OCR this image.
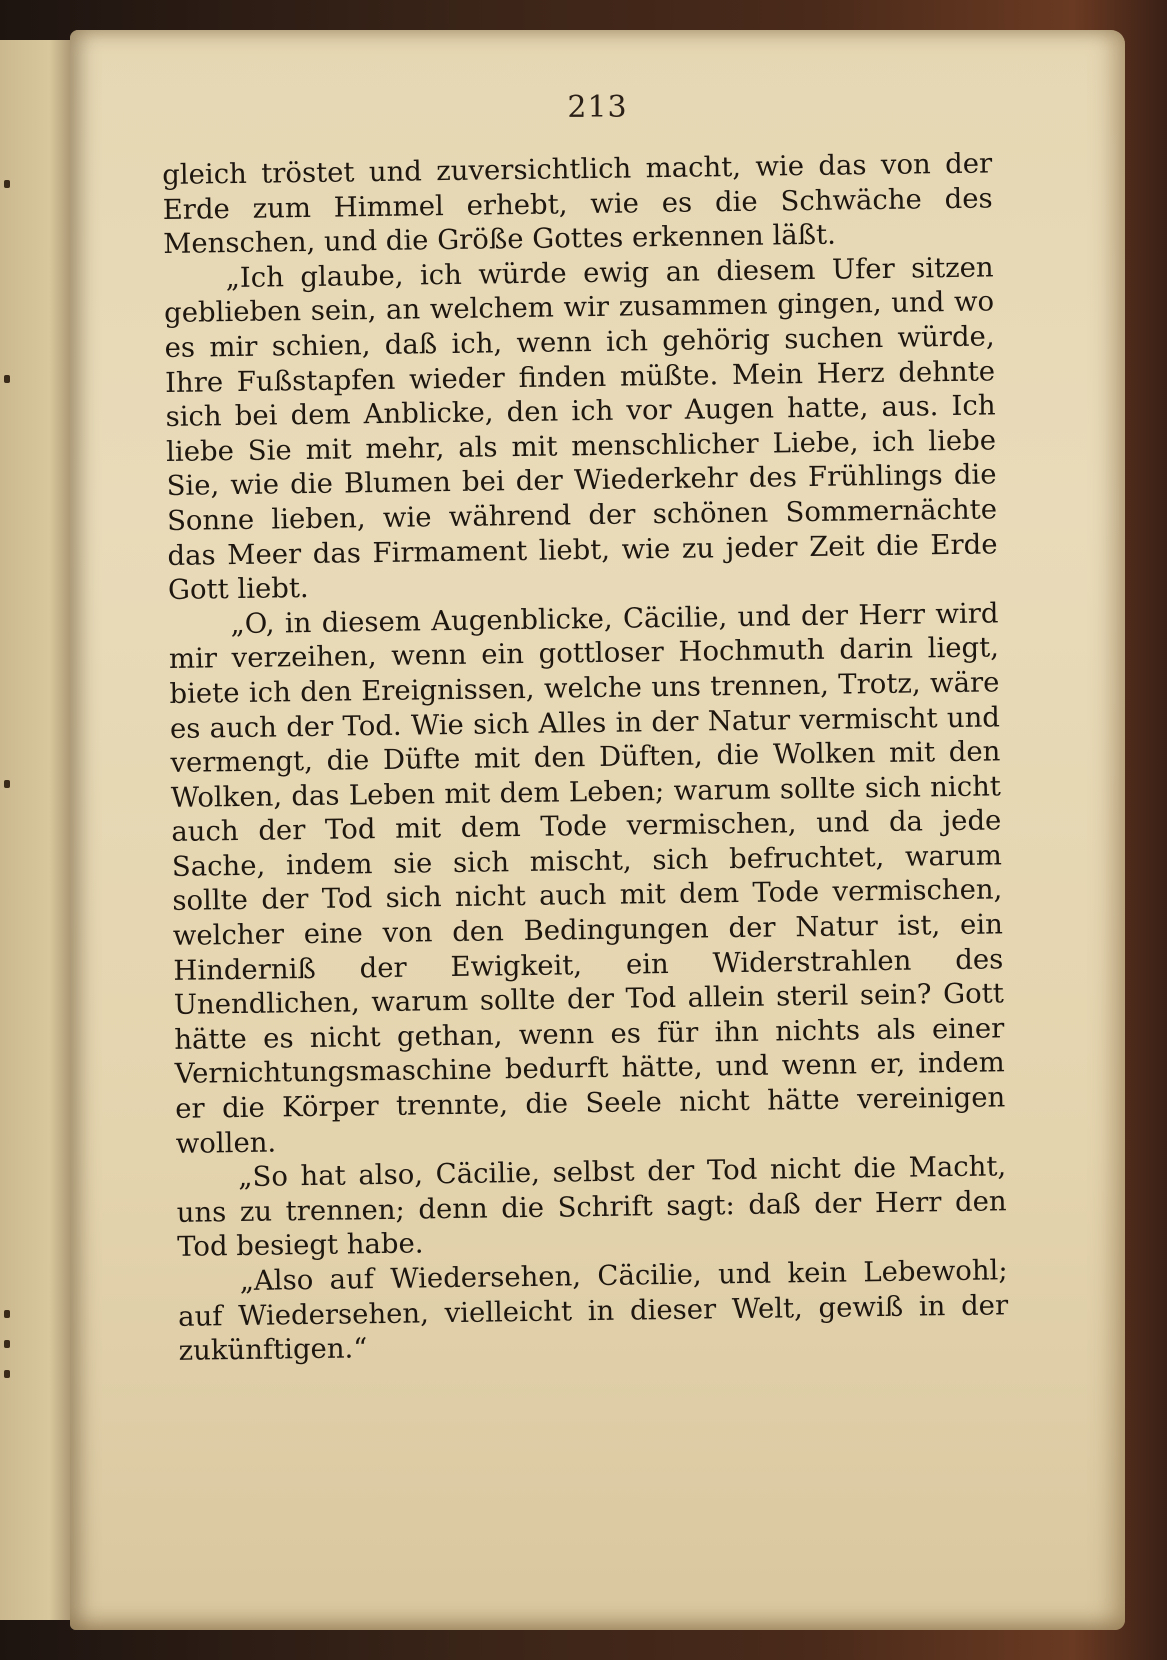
213

gleich tröstet und zuversichtlich macht, wie das von der Erde zum Himmel erhebt, wie es die Schwäche des Menschen, und die Größe Gottes erkennen läßt.

„Ich glaube, ich würde ewig an diesem Ufer sitzen geblieben sein, an welchem wir zusammen gingen, und wo es mir schien, daß ich, wenn ich gehörig suchen würde, Ihre Fußstapfen wieder finden müßte. Mein Herz dehnte sich bei dem Anblicke, den ich vor Augen hatte, aus. Ich liebe Sie mit mehr, als mit menschlicher Liebe, ich liebe Sie, wie die Blumen bei der Wiederkehr des Frühlings die Sonne lieben, wie während der schönen Sommernächte das Meer das Firmament liebt, wie zu jeder Zeit die Erde Gott liebt.

„O, in diesem Augenblicke, Cäcilie, und der Herr wird mir verzeihen, wenn ein gottloser Hochmuth darin liegt, biete ich den Ereignissen, welche uns trennen, Trotz, wäre es auch der Tod. Wie sich Alles in der Natur vermischt und vermengt, die Düfte mit den Düften, die Wolken mit den Wolken, das Leben mit dem Leben; warum sollte sich nicht auch der Tod mit dem Tode vermischen, und da jede Sache, indem sie sich mischt, sich befruchtet, warum sollte der Tod sich nicht auch mit dem Tode vermischen, welcher eine von den Bedingungen der Natur ist, ein Hinderniß der Ewigkeit, ein Widerstrahlen des Unendlichen, warum sollte der Tod allein steril sein? Gott hätte es nicht gethan, wenn es für ihn nichts als einer Vernichtungsmaschine bedurft hätte, und wenn er, indem er die Körper trennte, die Seele nicht hätte vereinigen wollen.

„So hat also, Cäcilie, selbst der Tod nicht die Macht, uns zu trennen; denn die Schrift sagt: daß der Herr den Tod besiegt habe.

„Also auf Wiedersehen, Cäcilie, und kein Lebewohl; auf Wiedersehen, vielleicht in dieser Welt, gewiß in der zukünftigen.“
